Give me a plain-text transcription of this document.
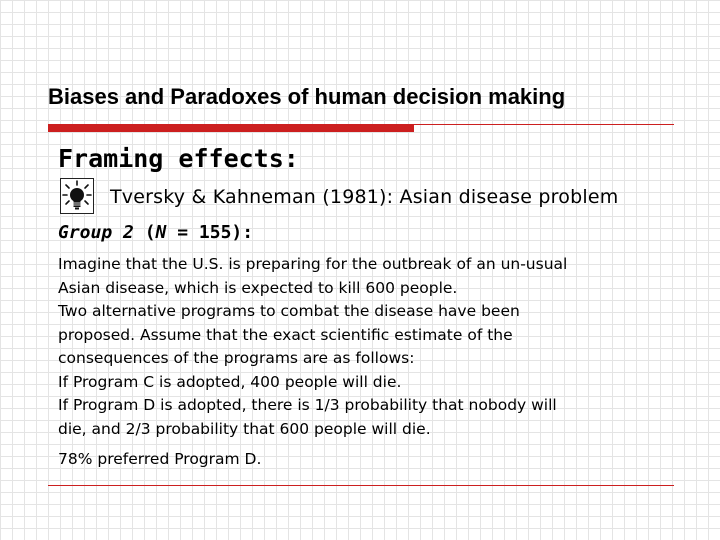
Biases and Paradoxes of human decision making
Framing effects:
Tversky & Kahneman (1981): Asian disease problem
Group 2 (N = 155):
Imagine that the U.S. is preparing for the outbreak of an un-usual
Asian disease, which is expected to kill 600 people.
Two alternative programs to combat the disease have been
proposed. Assume that the exact scientific estimate of the
consequences of the programs are as follows:
If Program C is adopted, 400 people will die.
If Program D is adopted, there is 1/3 probability that nobody will
die, and 2/3 probability that 600 people will die.
78% preferred Program D.
